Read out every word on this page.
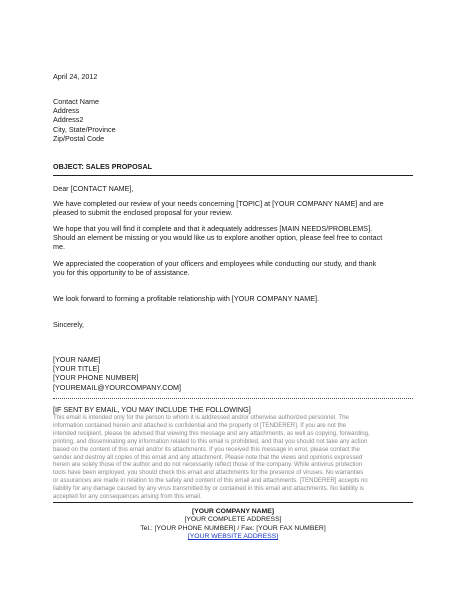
April 24, 2012
Contact Name
Address
Address2
City, State/Province
Zip/Postal Code
OBJECT: SALES PROPOSAL
Dear [CONTACT NAME],
We have completed our review of your needs concerning [TOPIC] at [YOUR COMPANY NAME] and are
pleased to submit the enclosed proposal for your review.
We hope that you will find it complete and that it adequately addresses [MAIN NEEDS/PROBLEMS].
Should an element be missing or you would like us to explore another option, please feel free to contact
me.
We appreciated the cooperation of your officers and employees while conducting our study, and thank
you for this opportunity to be of assistance.
We look forward to forming a profitable relationship with [YOUR COMPANY NAME].
Sincerely,
[YOUR NAME]
[YOUR TITLE]
[YOUR PHONE NUMBER]
[YOUREMAIL@YOURCOMPANY.COM]
[IF SENT BY EMAIL, YOU MAY INCLUDE THE FOLLOWING]
This email is intended only for the person to whom it is addressed and/or otherwise authorized personnel. The
information contained herein and attached is confidential and the property of [TENDERER]. If you are not the
intended recipient, please be advised that viewing this message and any attachments, as well as copying, forwarding,
printing, and disseminating any information related to this email is prohibited, and that you should not take any action
based on the content of this email and/or its attachments. If you received this message in error, please contact the
sender and destroy all copies of this email and any attachment. Please note that the views and opinions expressed
herein are solely those of the author and do not necessarily reflect those of the company. While antivirus protection
tools have been employed, you should check this email and attachments for the presence of viruses. No warranties
or assurances are made in relation to the safety and content of this email and attachments. [TENDERER] accepts no
liability for any damage caused by any virus transmitted by or contained in this email and attachments. No liability is
accepted for any consequences arising from this email.
[YOUR COMPANY NAME]
[YOUR COMPLETE ADDRESS]
Tel.: [YOUR PHONE NUMBER] / Fax: [YOUR FAX NUMBER]
[YOUR WEBSITE ADDRESS]
